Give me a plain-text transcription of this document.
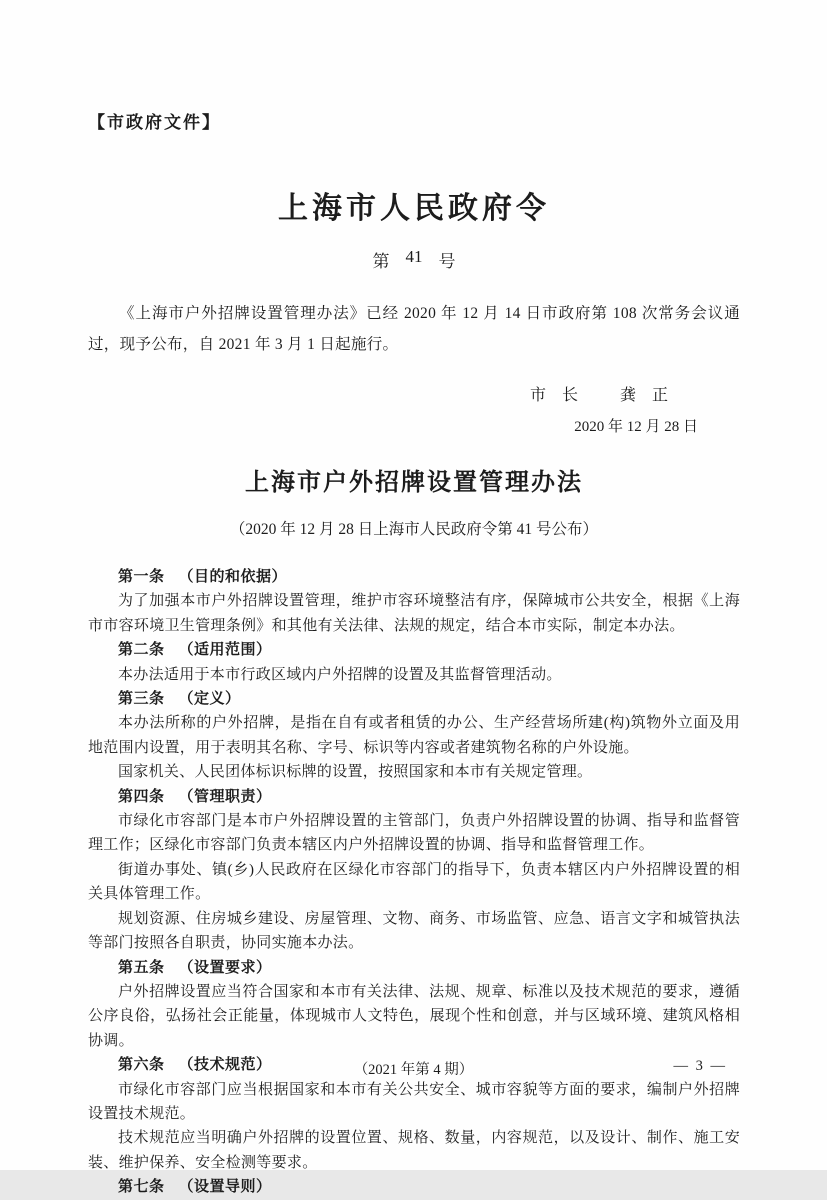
【市政府文件】
上海市人民政府令
第 41 号

《上海市户外招牌设置管理办法》已经 2020 年 12 月 14 日市政府第 108 次常务会议通过，现予公布，自 2021 年 3 月 1 日起施行。

市　长	龚　正
2020 年 12 月 28 日
上海市户外招牌设置管理办法
（2020 年 12 月 28 日上海市人民政府令第 41 号公布）

第一条 （目的和依据）

为了加强本市户外招牌设置管理，维护市容环境整洁有序，保障城市公共安全，根据《上海市市容环境卫生管理条例》和其他有关法律、法规的规定，结合本市实际，制定本办法。

第二条 （适用范围）

本办法适用于本市行政区域内户外招牌的设置及其监督管理活动。

第三条 （定义）

本办法所称的户外招牌，是指在自有或者租赁的办公、生产经营场所建(构)筑物外立面及用地范围内设置，用于表明其名称、字号、标识等内容或者建筑物名称的户外设施。

国家机关、人民团体标识标牌的设置，按照国家和本市有关规定管理。

第四条 （管理职责）

市绿化市容部门是本市户外招牌设置的主管部门，负责户外招牌设置的协调、指导和监督管理工作；区绿化市容部门负责本辖区内户外招牌设置的协调、指导和监督管理工作。

街道办事处、镇(乡)人民政府在区绿化市容部门的指导下，负责本辖区内户外招牌设置的相关具体管理工作。

规划资源、住房城乡建设、房屋管理、文物、商务、市场监管、应急、语言文字和城管执法等部门按照各自职责，协同实施本办法。

第五条 （设置要求）

户外招牌设置应当符合国家和本市有关法律、法规、规章、标准以及技术规范的要求，遵循公序良俗，弘扬社会正能量，体现城市人文特色，展现个性和创意，并与区域环境、建筑风格相协调。

第六条 （技术规范）

市绿化市容部门应当根据国家和本市有关公共安全、城市容貌等方面的要求，编制户外招牌设置技术规范。

技术规范应当明确户外招牌的设置位置、规格、数量，内容规范，以及设计、制作、施工安装、维护保养、安全检测等要求。

第七条 （设置导则）

（2021 年第 4 期）	— 3 —
